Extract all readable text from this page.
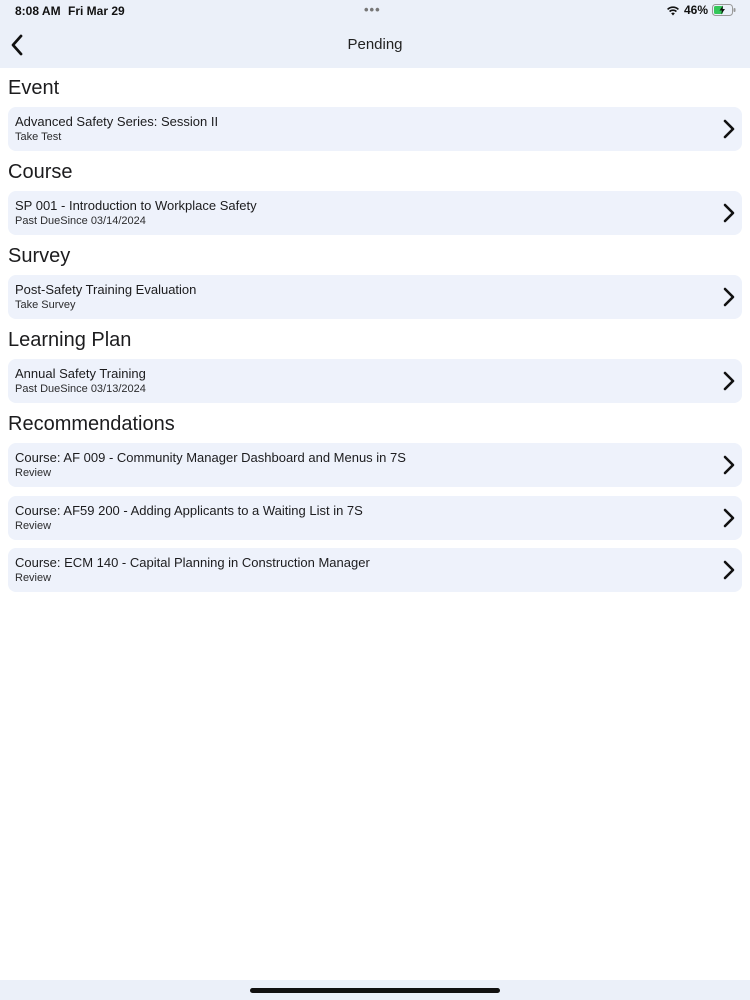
8:08 AM Fri Mar 29	•••	46%
Pending
Event
Advanced Safety Series: Session II
Take Test
Course
SP 001 - Introduction to Workplace Safety
Past DueSince 03/14/2024
Survey
Post-Safety Training Evaluation
Take Survey
Learning Plan
Annual Safety Training
Past DueSince 03/13/2024
Recommendations
Course: AF 009 - Community Manager Dashboard and Menus in 7S
Review
Course: AF59 200 - Adding Applicants to a Waiting List in 7S
Review
Course: ECM 140 - Capital Planning in Construction Manager
Review
